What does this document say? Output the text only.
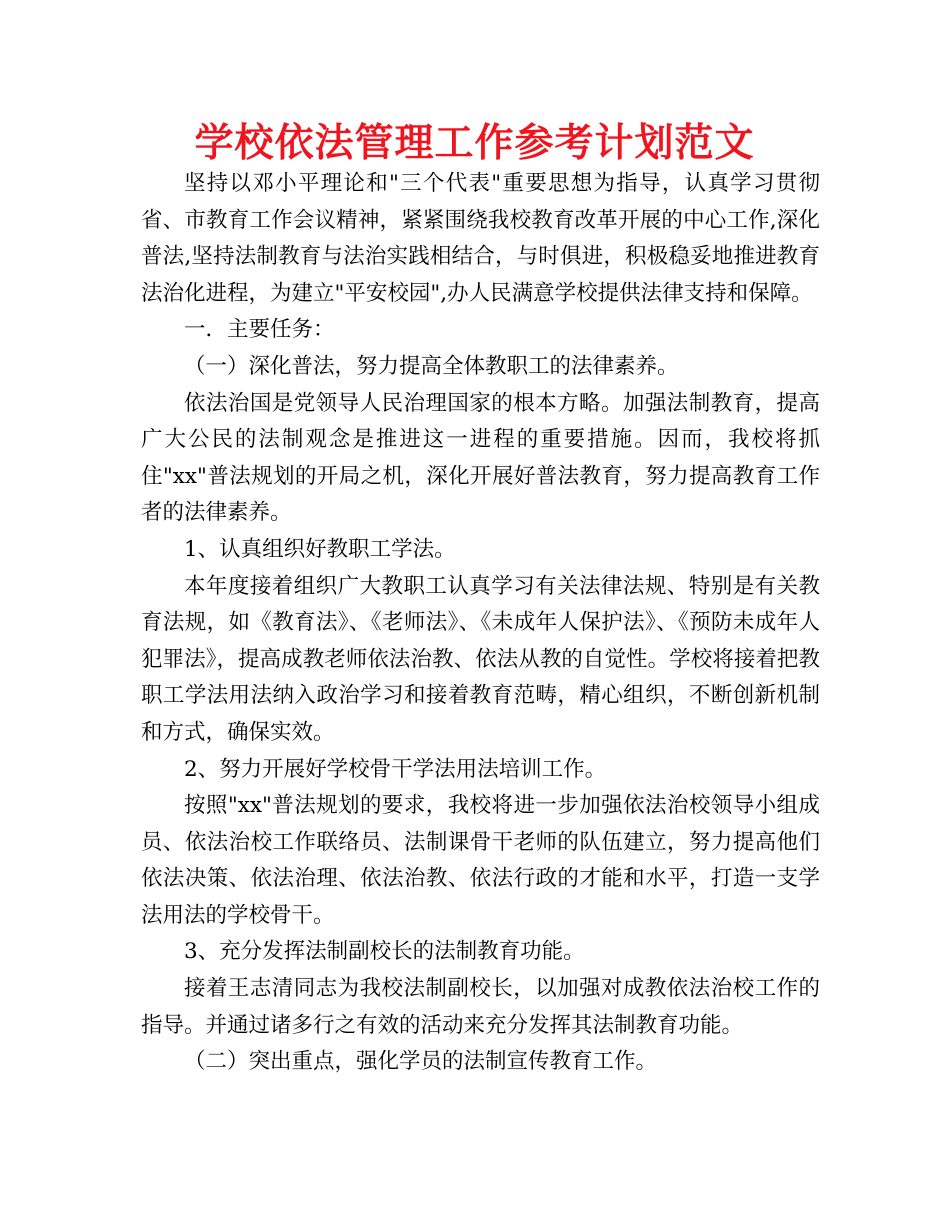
学校依法管理工作参考计划范文

坚持以邓小平理论和"三个代表"重要思想为指导，认真学习贯彻省、市教育工作会议精神，紧紧围绕我校教育改革开展的中心工作,深化普法,坚持法制教育与法治实践相结合，与时俱进，积极稳妥地推进教育法治化进程，为建立"平安校园",办人民满意学校提供法律支持和保障。

一．主要任务：

（一）深化普法，努力提高全体教职工的法律素养。

依法治国是党领导人民治理国家的根本方略。加强法制教育，提高广大公民的法制观念是推进这一进程的重要措施。因而，我校将抓住"xx"普法规划的开局之机，深化开展好普法教育，努力提高教育工作者的法律素养。

1、认真组织好教职工学法。

本年度接着组织广大教职工认真学习有关法律法规、特别是有关教育法规，如《教育法》、《老师法》、《未成年人保护法》、《预防未成年人犯罪法》，提高成教老师依法治教、依法从教的自觉性。学校将接着把教职工学法用法纳入政治学习和接着教育范畴，精心组织，不断创新机制和方式，确保实效。

2、努力开展好学校骨干学法用法培训工作。

按照"xx"普法规划的要求，我校将进一步加强依法治校领导小组成员、依法治校工作联络员、法制课骨干老师的队伍建立，努力提高他们依法决策、依法治理、依法治教、依法行政的才能和水平，打造一支学法用法的学校骨干。

3、充分发挥法制副校长的法制教育功能。

接着王志清同志为我校法制副校长，以加强对成教依法治校工作的指导。并通过诸多行之有效的活动来充分发挥其法制教育功能。

（二）突出重点，强化学员的法制宣传教育工作。
